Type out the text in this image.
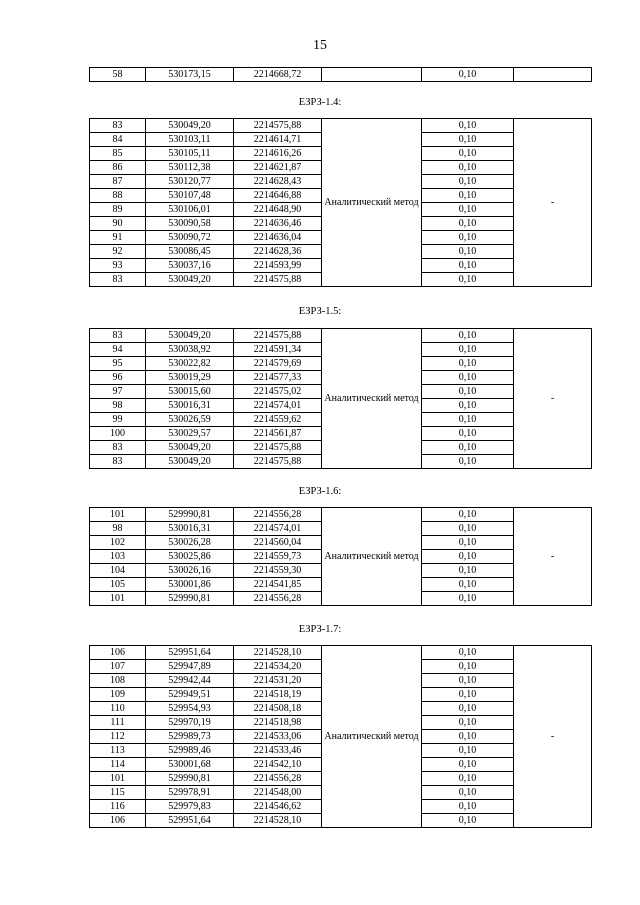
15
58	530173,15	2214668,72		0,10	
ЕЗРЗ-1.4:
83	530049,20	2214575,88	Аналитический метод	0,10	-
84	530103,11	2214614,71		0,10	
85	530105,11	2214616,26		0,10	
86	530112,38	2214621,87		0,10	
87	530120,77	2214628,43		0,10	
88	530107,48	2214646,88		0,10	
89	530106,01	2214648,90		0,10	
90	530090,58	2214636,46		0,10	
91	530090,72	2214636,04		0,10	
92	530086,45	2214628,36		0,10	
93	530037,16	2214593,99		0,10	
83	530049,20	2214575,88		0,10	
ЕЗРЗ-1.5:
83	530049,20	2214575,88	Аналитический метод	0,10	-
94	530038,92	2214591,34		0,10	
95	530022,82	2214579,69		0,10	
96	530019,29	2214577,33		0,10	
97	530015,60	2214575,02		0,10	
98	530016,31	2214574,01		0,10	
99	530026,59	2214559,62		0,10	
100	530029,57	2214561,87		0,10	
83	530049,20	2214575,88		0,10	
83	530049,20	2214575,88		0,10	
ЕЗРЗ-1.6:
101	529990,81	2214556,28	Аналитический метод	0,10	-
98	530016,31	2214574,01		0,10	
102	530026,28	2214560,04		0,10	
103	530025,86	2214559,73		0,10	
104	530026,16	2214559,30		0,10	
105	530001,86	2214541,85		0,10	
101	529990,81	2214556,28		0,10	
ЕЗРЗ-1.7:
106	529951,64	2214528,10	Аналитический метод	0,10	-
107	529947,89	2214534,20		0,10	
108	529942,44	2214531,20		0,10	
109	529949,51	2214518,19		0,10	
110	529954,93	2214508,18		0,10	
111	529970,19	2214518,98		0,10	
112	529989,73	2214533,06		0,10	
113	529989,46	2214533,46		0,10	
114	530001,68	2214542,10		0,10	
101	529990,81	2214556,28		0,10	
115	529978,91	2214548,00		0,10	
116	529979,83	2214546,62		0,10	
106	529951,64	2214528,10		0,10	
